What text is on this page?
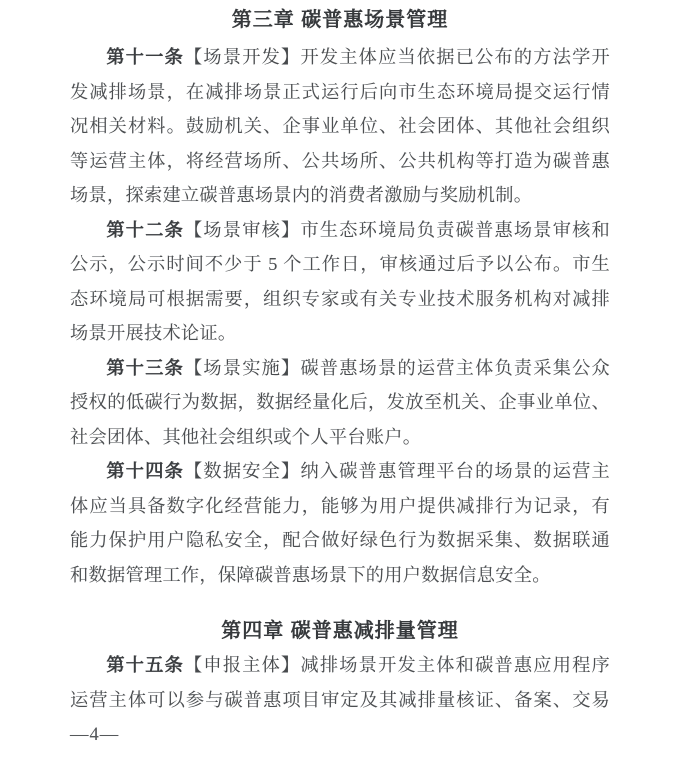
第三章 碳普惠场景管理
第十一条【场景开发】开发主体应当依据已公布的方法学开
发减排场景，在减排场景正式运行后向市生态环境局提交运行情
况相关材料。鼓励机关、企事业单位、社会团体、其他社会组织
等运营主体，将经营场所、公共场所、公共机构等打造为碳普惠
场景，探索建立碳普惠场景内的消费者激励与奖励机制。
第十二条【场景审核】市生态环境局负责碳普惠场景审核和
公示，公示时间不少于 5 个工作日，审核通过后予以公布。市生
态环境局可根据需要，组织专家或有关专业技术服务机构对减排
场景开展技术论证。
第十三条【场景实施】碳普惠场景的运营主体负责采集公众
授权的低碳行为数据，数据经量化后，发放至机关、企事业单位、
社会团体、其他社会组织或个人平台账户。
第十四条【数据安全】纳入碳普惠管理平台的场景的运营主
体应当具备数字化经营能力，能够为用户提供减排行为记录，有
能力保护用户隐私安全，配合做好绿色行为数据采集、数据联通
和数据管理工作，保障碳普惠场景下的用户数据信息安全。
第四章 碳普惠减排量管理
第十五条【申报主体】减排场景开发主体和碳普惠应用程序
运营主体可以参与碳普惠项目审定及其减排量核证、备案、交易
—4—
